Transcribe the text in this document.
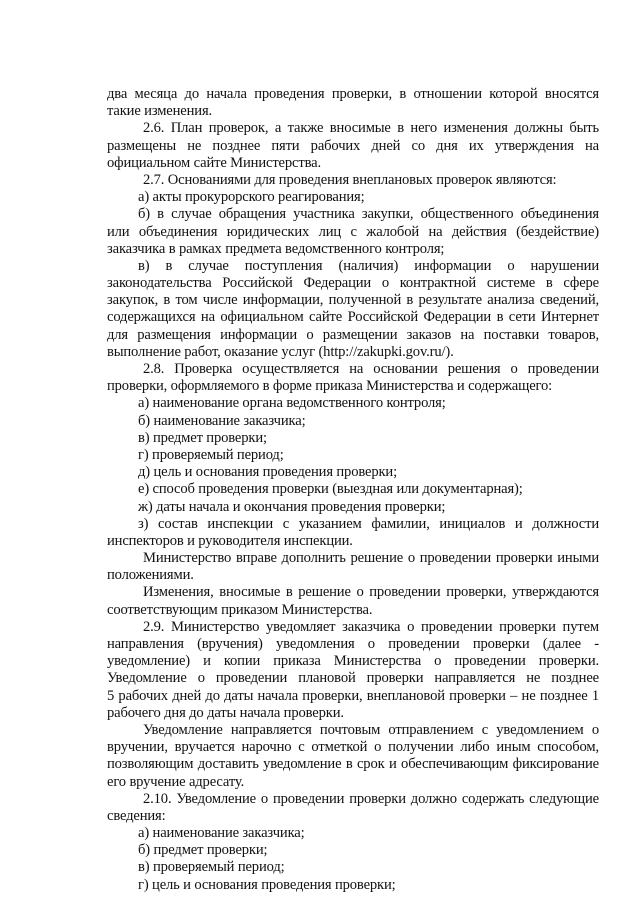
два месяца до начала проведения проверки, в отношении которой вносятся
такие изменения.
2.6. План проверок, а также вносимые в него изменения должны быть
размещены не позднее пяти рабочих дней со дня их утверждения на
официальном сайте Министерства.
2.7. Основаниями для проведения внеплановых проверок являются:
а) акты прокурорского реагирования;
б) в случае обращения участника закупки, общественного объединения
или объединения юридических лиц с жалобой на действия (бездействие)
заказчика в рамках предмета ведомственного контроля;
в) в случае поступления (наличия) информации о нарушении
законодательства Российской Федерации о контрактной системе в сфере
закупок, в том числе информации, полученной в результате анализа сведений,
содержащихся на официальном сайте Российской Федерации в сети Интернет
для размещения информации о размещении заказов на поставки товаров,
выполнение работ, оказание услуг (http://zakupki.gov.ru/).
2.8. Проверка осуществляется на основании решения о проведении
проверки, оформляемого в форме приказа Министерства и содержащего:
а) наименование органа ведомственного контроля;
б) наименование заказчика;
в) предмет проверки;
г) проверяемый период;
д) цель и основания проведения проверки;
е) способ проведения проверки (выездная или документарная);
ж) даты начала и окончания проведения проверки;
з) состав инспекции с указанием фамилии, инициалов и должности
инспекторов и руководителя инспекции.
Министерство вправе дополнить решение о проведении проверки иными
положениями.
Изменения, вносимые в решение о проведении проверки, утверждаются
соответствующим приказом Министерства.
2.9. Министерство уведомляет заказчика о проведении проверки путем
направления (вручения) уведомления о проведении проверки (далее -
уведомление) и копии приказа Министерства о проведении проверки.
Уведомление о проведении плановой проверки направляется не позднее
5 рабочих дней до даты начала проверки, внеплановой проверки – не позднее 1
рабочего дня до даты начала проверки.
Уведомление направляется почтовым отправлением с уведомлением о
вручении, вручается нарочно с отметкой о получении либо иным способом,
позволяющим доставить уведомление в срок и обеспечивающим фиксирование
его вручение адресату.
2.10. Уведомление о проведении проверки должно содержать следующие
сведения:
а) наименование заказчика;
б) предмет проверки;
в) проверяемый период;
г) цель и основания проведения проверки;
